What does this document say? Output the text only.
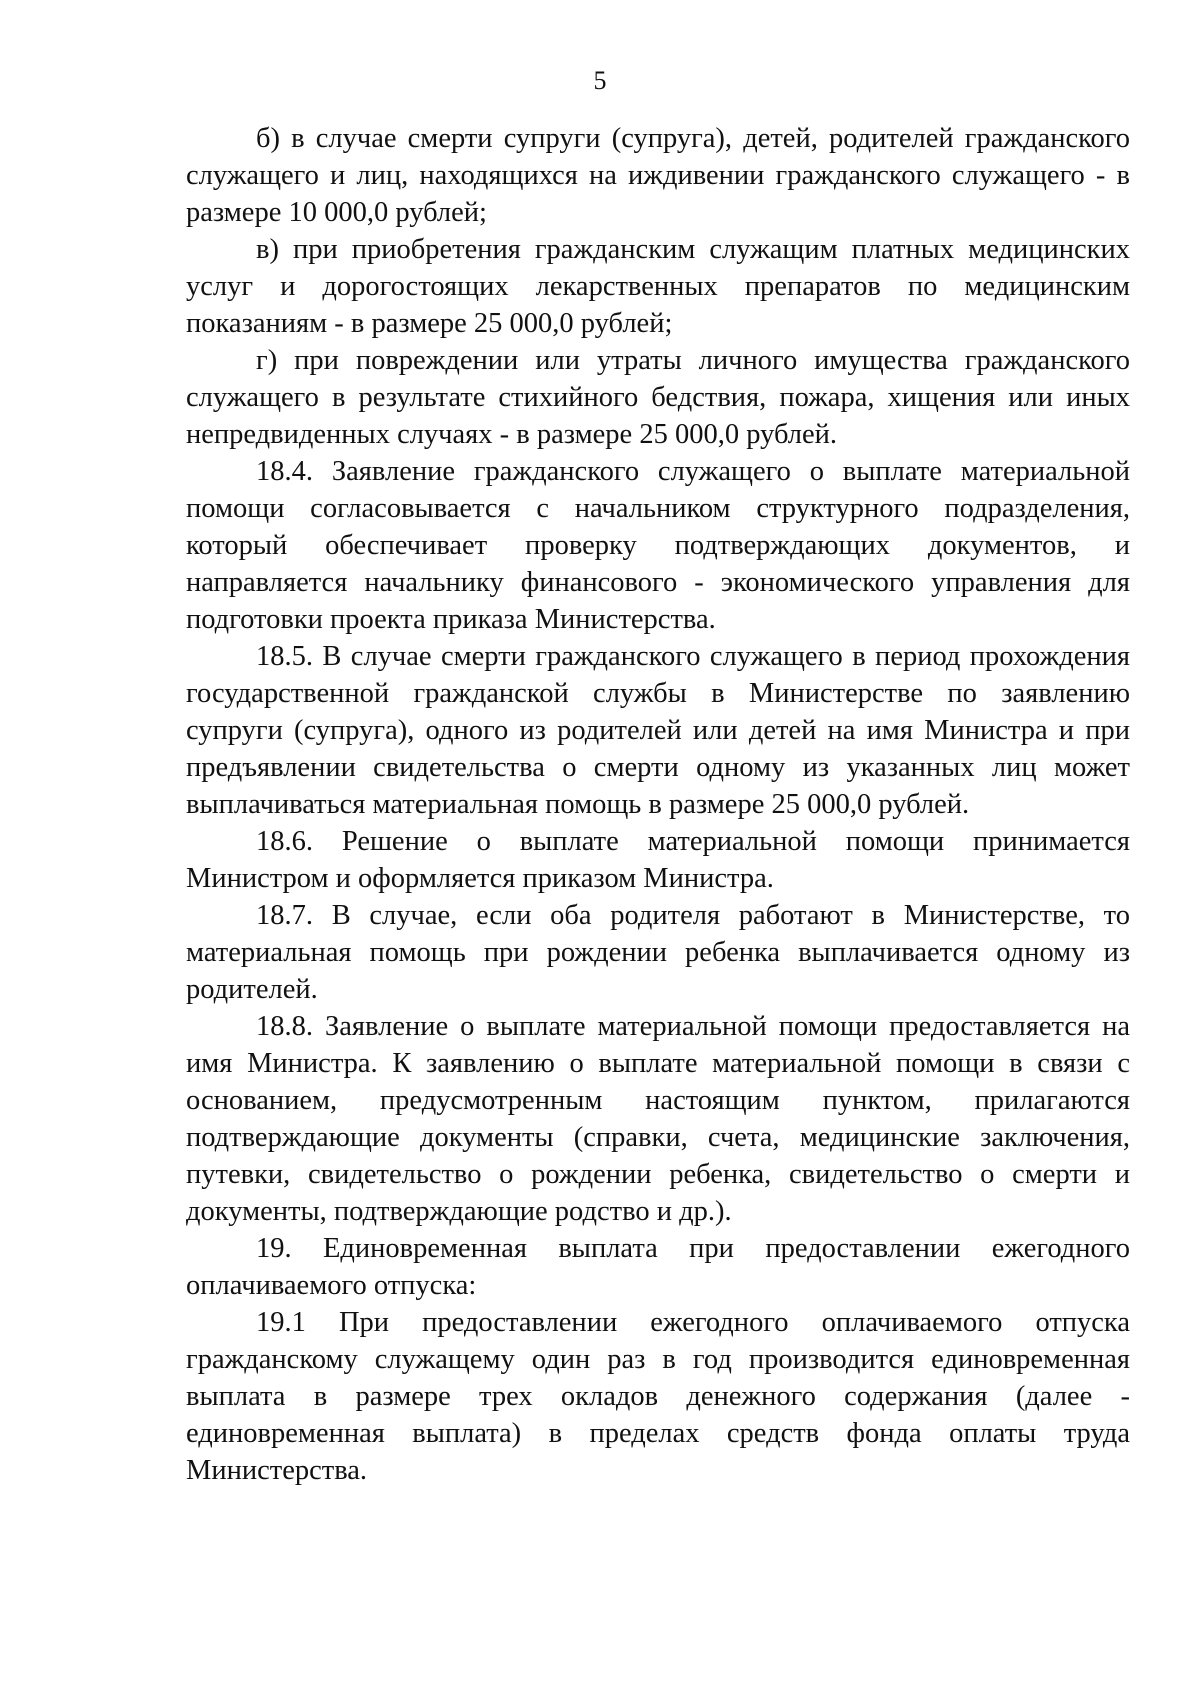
5

б) в случае смерти супруги (супруга), детей, родителей гражданского служащего и лиц, находящихся на иждивении гражданского служащего - в размере 10 000,0 рублей;

в) при приобретения гражданским служащим платных медицинских услуг и дорогостоящих лекарственных препаратов по медицинским показаниям - в размере 25 000,0 рублей;

г) при повреждении или утраты личного имущества гражданского служащего в результате стихийного бедствия, пожара, хищения или иных непредвиденных случаях - в размере 25 000,0 рублей.

18.4. Заявление гражданского служащего о выплате материальной помощи согласовывается с начальником структурного подразделения, который обеспечивает проверку подтверждающих документов, и направляется начальнику финансового - экономического управления для подготовки проекта приказа Министерства.

18.5. В случае смерти гражданского служащего в период прохождения государственной гражданской службы в Министерстве по заявлению супруги (супруга), одного из родителей или детей на имя Министра и при предъявлении свидетельства о смерти одному из указанных лиц может выплачиваться материальная помощь в размере 25 000,0 рублей.

18.6. Решение о выплате материальной помощи принимается Министром и оформляется приказом Министра.

18.7. В случае, если оба родителя работают в Министерстве, то материальная помощь при рождении ребенка выплачивается одному из родителей.

18.8. Заявление о выплате материальной помощи предоставляется на имя Министра. К заявлению о выплате материальной помощи в связи с основанием, предусмотренным настоящим пунктом, прилагаются подтверждающие документы (справки, счета, медицинские заключения, путевки, свидетельство о рождении ребенка, свидетельство о смерти и документы, подтверждающие родство и др.).

19. Единовременная выплата при предоставлении ежегодного оплачиваемого отпуска:

19.1 При предоставлении ежегодного оплачиваемого отпуска гражданскому служащему один раз в год производится единовременная выплата в размере трех окладов денежного содержания (далее - единовременная выплата) в пределах средств фонда оплаты труда Министерства.
